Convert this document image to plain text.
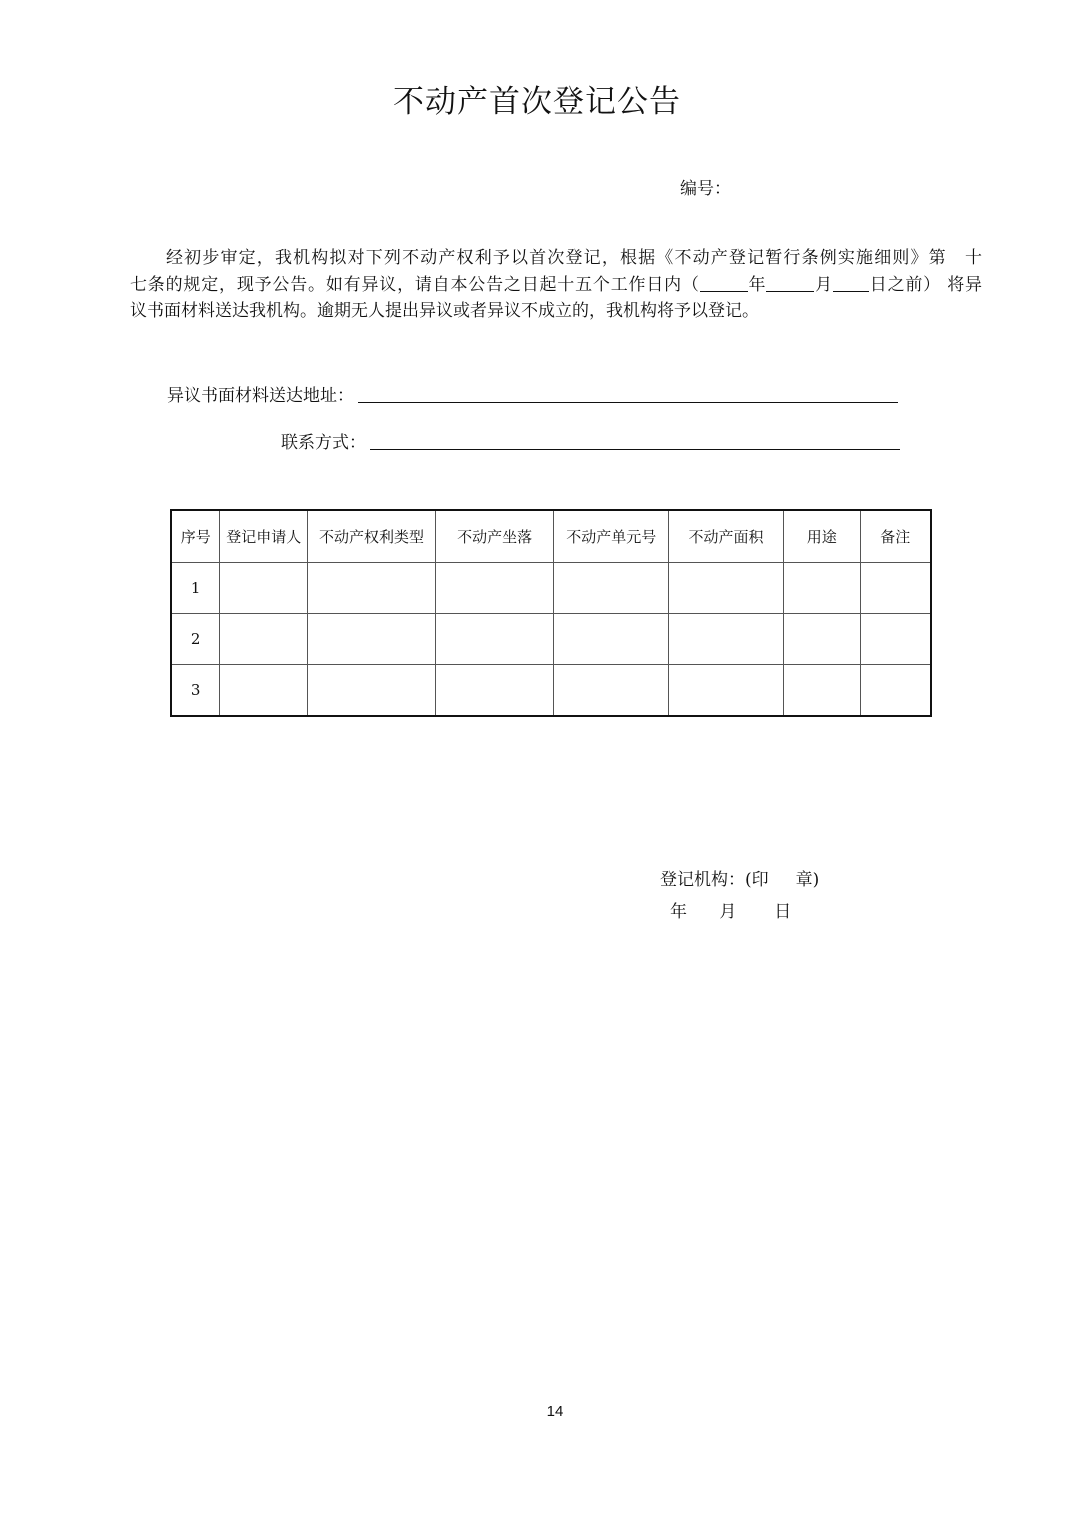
不动产首次登记公告
编号：
经初步审定，我机构拟对下列不动产权利予以首次登记，根据《不动产登记暂行条例实施细则》第　十
七条的规定，现予公告。如有异议，请自本公告之日起十五个工作日内（	年	月 日之前） 将异
议书面材料送达我机构。逾期无人提出异议或者异议不成立的，我机构将予以登记。
异议书面材料送达地址：
联系方式：
序号	登记申请人	不动产权利类型	不动产坐落	不动产单元号	不动产面积	用途	备注
1							
2							
3							
登记机构：(印     章)
年      月       日
14
